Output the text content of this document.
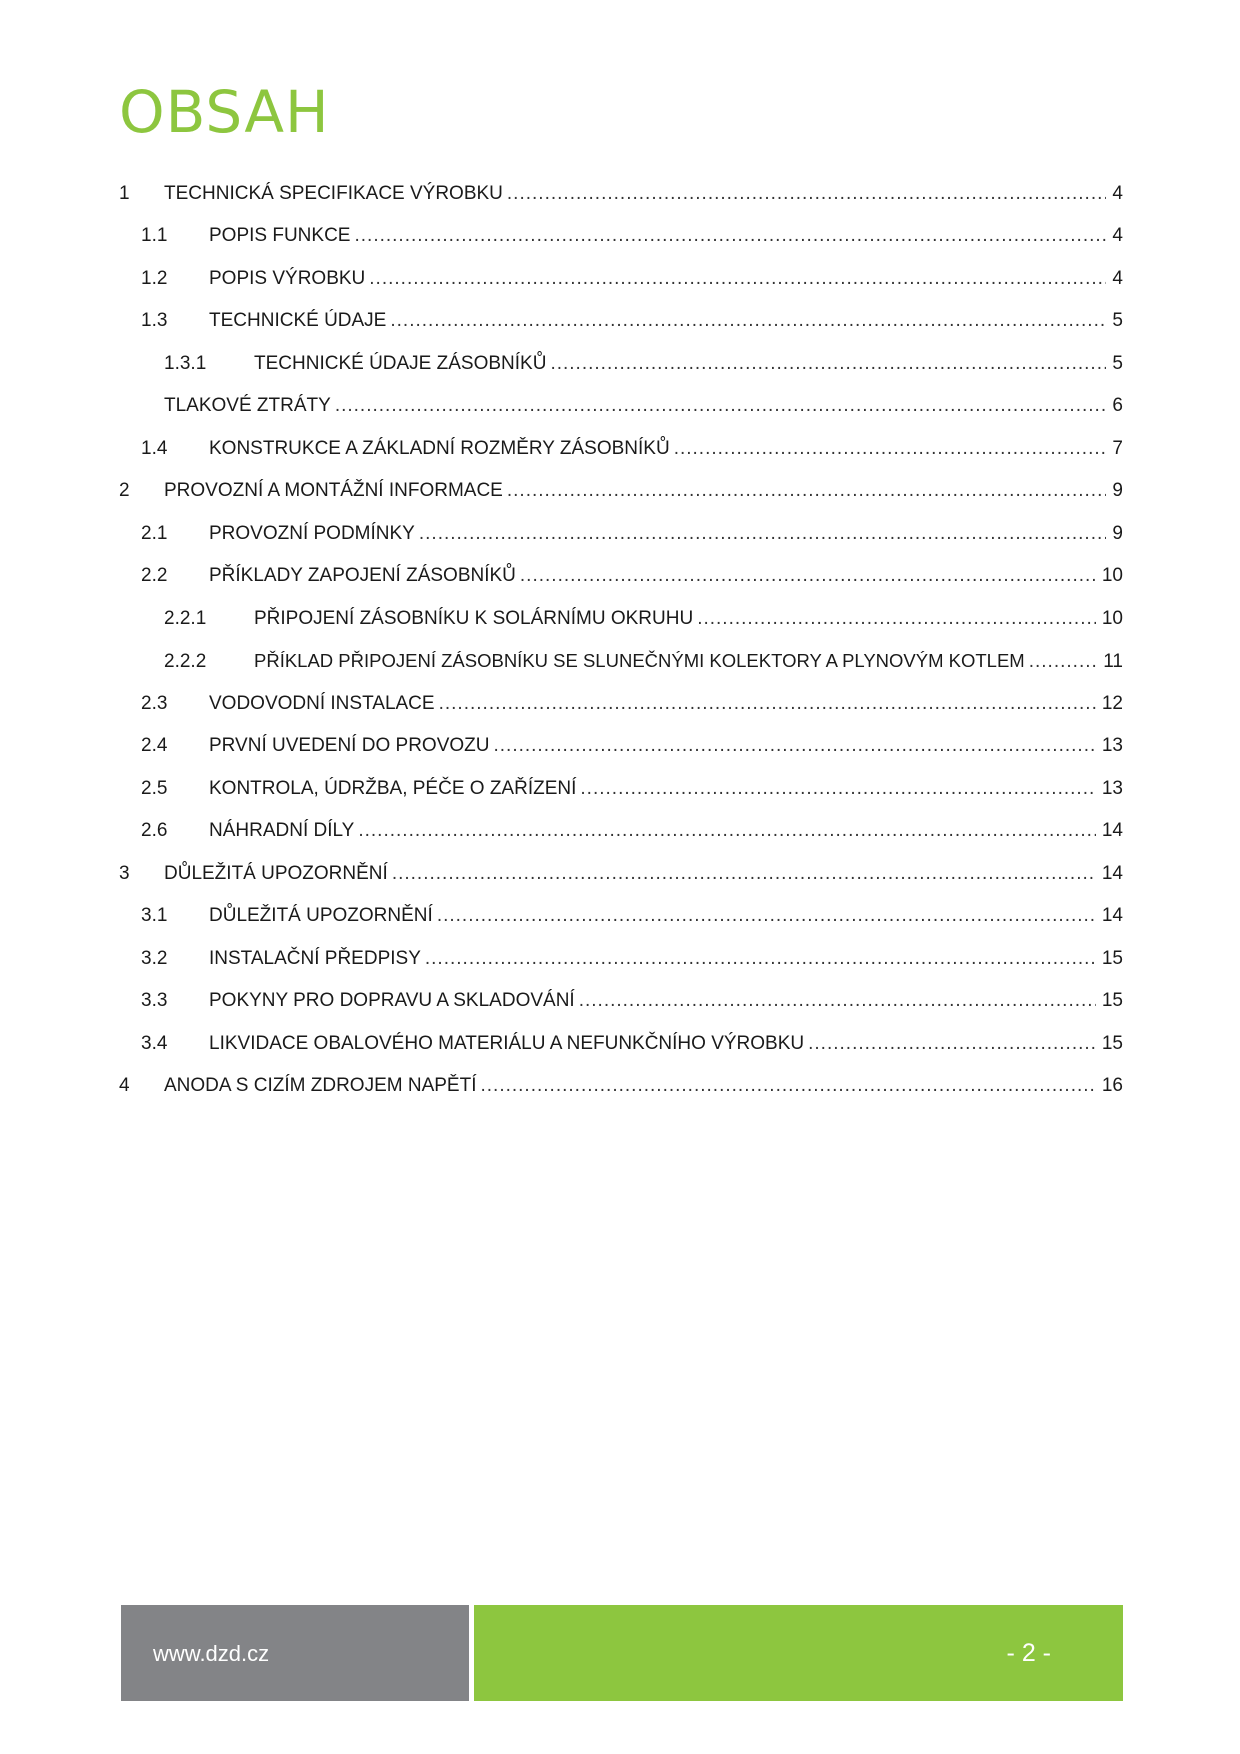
OBSAH
1	TECHNICKÁ SPECIFIKACE VÝROBKU .....	4
1.1	POPIS FUNKCE .....	4
1.2	POPIS VÝROBKU .....	4
1.3	TECHNICKÉ ÚDAJE .....	5
1.3.1	TECHNICKÉ ÚDAJE ZÁSOBNÍKŮ .....	5
TLAKOVÉ ZTRÁTY .....	6
1.4	KONSTRUKCE A ZÁKLADNÍ ROZMĚRY ZÁSOBNÍKŮ .....	7
2	PROVOZNÍ A MONTÁŽNÍ INFORMACE .....	9
2.1	PROVOZNÍ PODMÍNKY .....	9
2.2	PŘÍKLADY ZAPOJENÍ ZÁSOBNÍKŮ .....	10
2.2.1	PŘIPOJENÍ ZÁSOBNÍKU K SOLÁRNÍMU OKRUHU .....	10
2.2.2	PŘÍKLAD PŘIPOJENÍ ZÁSOBNÍKU SE SLUNEČNÝMI KOLEKTORY A PLYNOVÝM KOTLEM .....	11
2.3	VODOVODNÍ INSTALACE .....	12
2.4	PRVNÍ UVEDENÍ DO PROVOZU .....	13
2.5	KONTROLA, ÚDRŽBA, PÉČE O ZAŘÍZENÍ .....	13
2.6	NÁHRADNÍ DÍLY .....	14
3	DŮLEŽITÁ UPOZORNĚNÍ .....	14
3.1	DŮLEŽITÁ UPOZORNĚNÍ .....	14
3.2	INSTALAČNÍ PŘEDPISY .....	15
3.3	POKYNY PRO DOPRAVU A SKLADOVÁNÍ .....	15
3.4	LIKVIDACE OBALOVÉHO MATERIÁLU A NEFUNKČNÍHO VÝROBKU .....	15
4	ANODA S CIZÍM ZDROJEM NAPĚTÍ .....	16
www.dzd.cz	- 2 -
